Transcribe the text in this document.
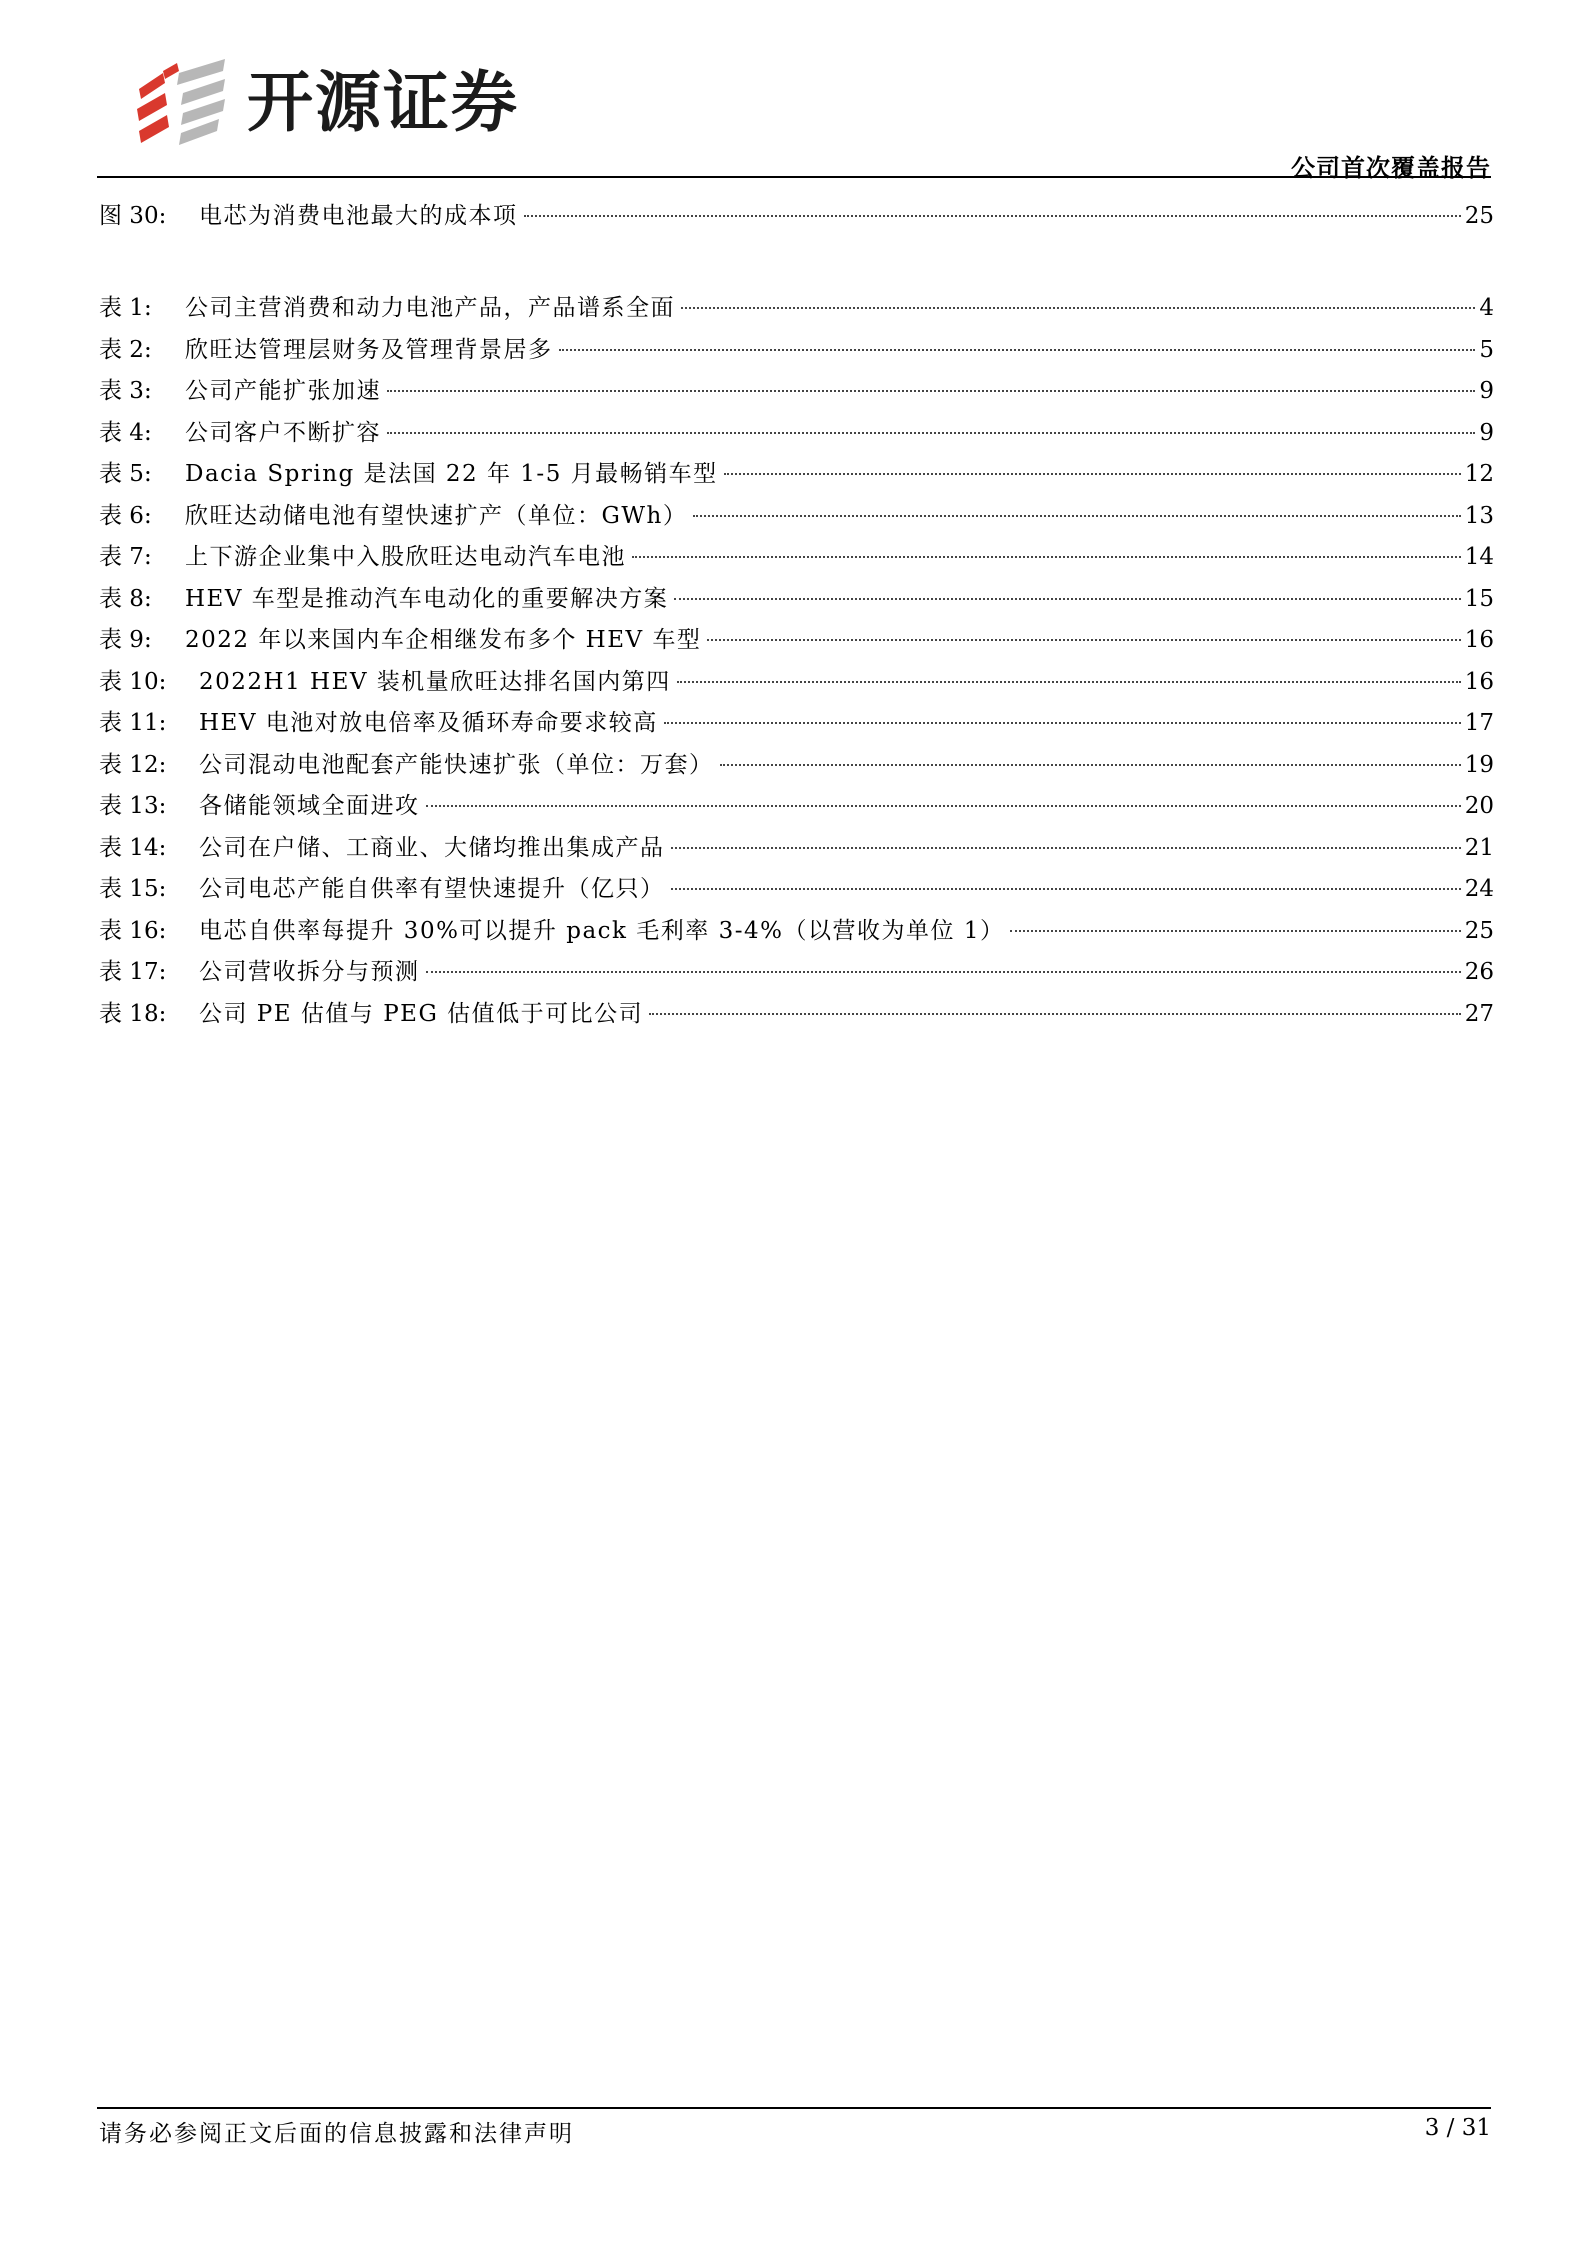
开源证券
公司首次覆盖报告
图 30:	电芯为消费电池最大的成本项	25
表 1:	公司主营消费和动力电池产品，产品谱系全面	4
表 2:	欣旺达管理层财务及管理背景居多	5
表 3:	公司产能扩张加速	9
表 4:	公司客户不断扩容	9
表 5:	Dacia Spring 是法国 22 年 1-5 月最畅销车型	12
表 6:	欣旺达动储电池有望快速扩产（单位：GWh）	13
表 7:	上下游企业集中入股欣旺达电动汽车电池	14
表 8:	HEV 车型是推动汽车电动化的重要解决方案	15
表 9:	2022 年以来国内车企相继发布多个 HEV 车型	16
表 10:	2022H1 HEV 装机量欣旺达排名国内第四	16
表 11:	HEV 电池对放电倍率及循环寿命要求较高	17
表 12:	公司混动电池配套产能快速扩张（单位：万套）	19
表 13:	各储能领域全面进攻	20
表 14:	公司在户储、工商业、大储均推出集成产品	21
表 15:	公司电芯产能自供率有望快速提升（亿只）	24
表 16:	电芯自供率每提升 30%可以提升 pack 毛利率 3-4%（以营收为单位 1）	25
表 17:	公司营收拆分与预测	26
表 18:	公司 PE 估值与 PEG 估值低于可比公司	27
请务必参阅正文后面的信息披露和法律声明	3 / 31
